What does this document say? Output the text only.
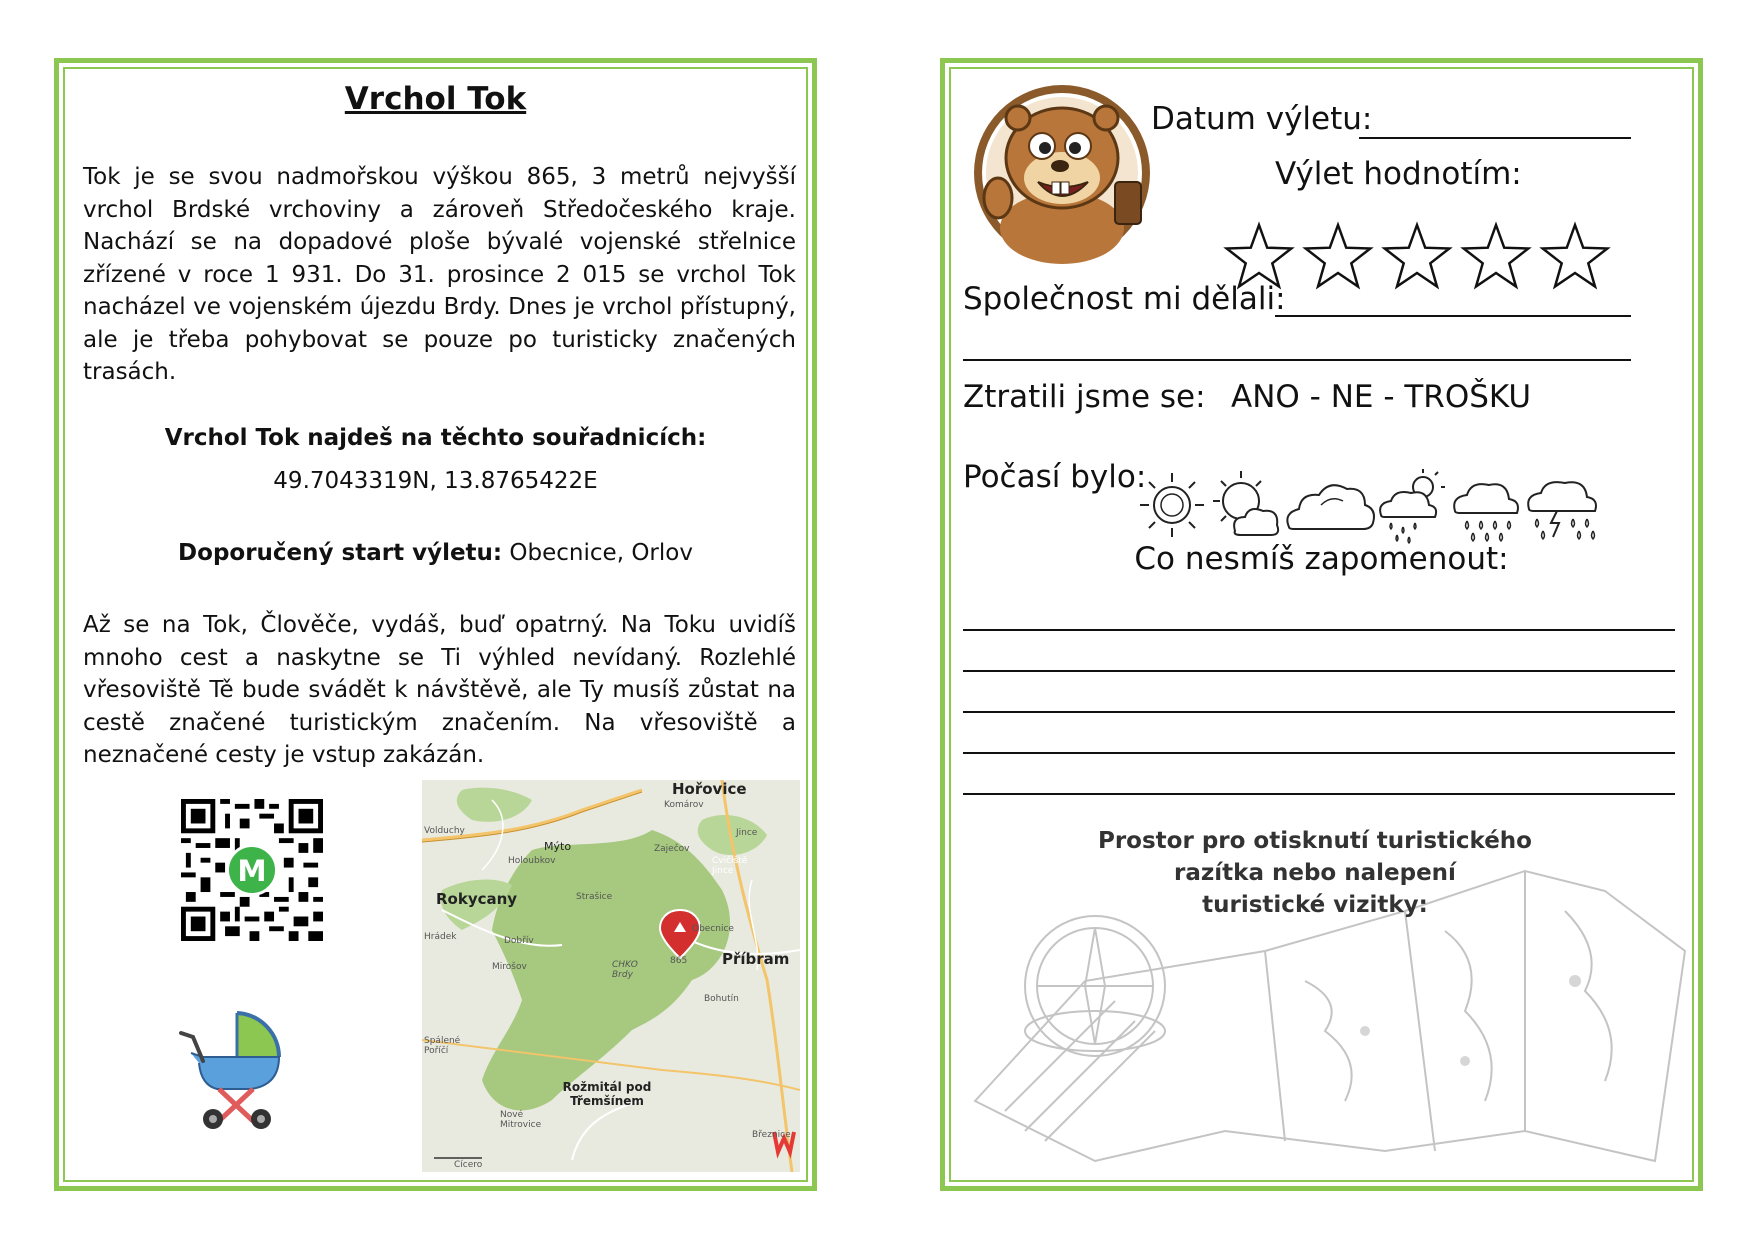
Vrchol Tok
Tok je se svou nadmořskou výškou 865, 3 metrů nejvyšší vrchol Brdské vrchoviny a zároveň Středočeského kraje. Nachází se na dopadové ploše bývalé vojenské střelnice zřízené v roce 1 931. Do 31. prosince 2 015 se vrchol Tok nacházel ve vojenském újezdu Brdy. Dnes je vrchol přístupný, ale je třeba pohybovat se pouze po turisticky značených trasách.
Vrchol Tok najdeš na těchto souřadnicích:
49.7043319N, 13.8765422E
Doporučený start výletu: Obecnice, Orlov
Až se na Tok, Člověče, vydáš, buď opatrný. Na Toku uvidíš mnoho cest a naskytne se Ti výhled nevídaný. Rozlehlé vřesoviště Tě bude svádět k návštěvě, ale Ty musíš zůstat na cestě značené turistickým značením. Na vřesoviště a neznačené cesty je vstup zakázán.
M
Hořovice
Komárov
Volduchy
Mýto
Holoubkov
Zaječov
Jince
Cvičiště Jince
Rokycany	Strašice
Hrádek	Dobřív
Obecnice
865 Příbram
Mirošov	CHKO Brdy
Bohutín
Spálené Poříčí
Rožmitál pod Třemšínem
Nové Mitrovice
Březnice
Cícero
Datum výletu:
Výlet hodnotím:
Společnost mi dělali:
Ztratili jsme se: ANO - NE - TROŠKU
Počasí bylo:
Co nesmíš zapomenout:
Prostor pro otisknutí turistického
razítka nebo nalepení
turistické vizitky:
